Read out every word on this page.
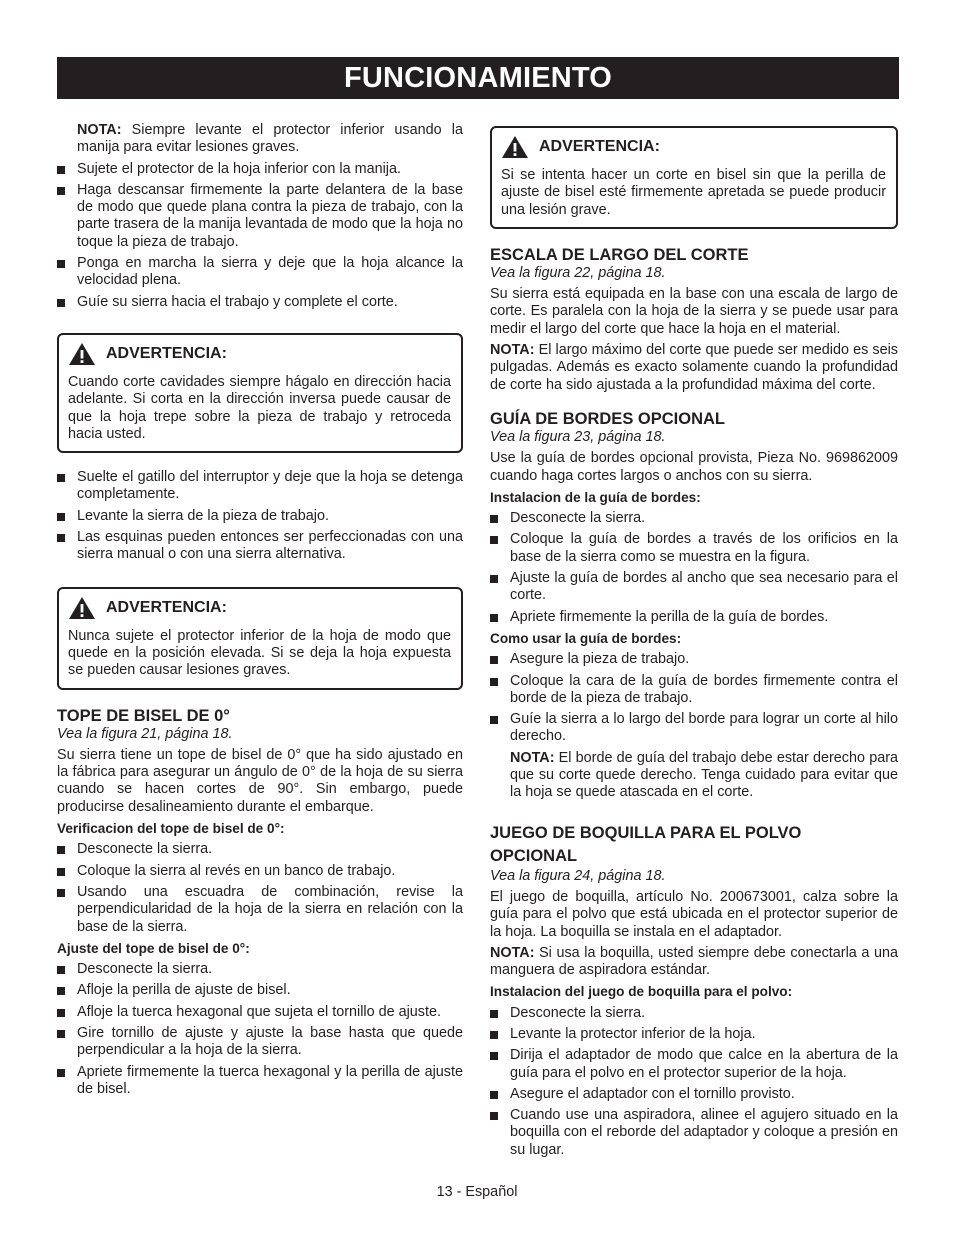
FUNCIONAMIENTO

NOTA: Siempre levante el protector inferior usando la manija para evitar lesiones graves.

Sujete el protector de la hoja inferior con la manija.
Haga descansar firmemente la parte delantera de la base de modo que quede plana contra la pieza de trabajo, con la parte trasera de la manija levantada de modo que la hoja no toque la pieza de trabajo.
Ponga en marcha la sierra y deje que la hoja alcance la velocidad plena.
Guíe su sierra hacia el trabajo y complete el corte.
ADVERTENCIA:

Cuando corte cavidades siempre hágalo en dirección hacia adelante. Si corta en la dirección inversa puede causar de que la hoja trepe sobre la pieza de trabajo y retroceda hacia usted.

Suelte el gatillo del interruptor y deje que la hoja se detenga completamente.
Levante la sierra de la pieza de trabajo.
Las esquinas pueden entonces ser perfeccionadas con una sierra manual o con una sierra alternativa.
ADVERTENCIA:

Nunca sujete el protector inferior de la hoja de modo que quede en la posición elevada. Si se deja la hoja expuesta se pueden causar lesiones graves.

TOPE DE BISEL DE 0°
Vea la figura 21, página 18.

Su sierra tiene un tope de bisel de 0° que ha sido ajustado en la fábrica para asegurar un ángulo de 0° de la hoja de su sierra cuando se hacen cortes de 90°. Sin embargo, puede producirse desalineamiento durante el embarque.

Verificacion del tope de bisel de 0°:
Desconecte la sierra.
Coloque la sierra al revés en un banco de trabajo.
Usando una escuadra de combinación, revise la perpendicularidad de la hoja de la sierra en relación con la base de la sierra.
Ajuste del tope de bisel de 0°:
Desconecte la sierra.
Afloje la perilla de ajuste de bisel.
Afloje la tuerca hexagonal que sujeta el tornillo de ajuste.
Gire tornillo de ajuste y ajuste la base hasta que quede perpendicular a la hoja de la sierra.
Apriete firmemente la tuerca hexagonal y la perilla de ajuste de bisel.
ADVERTENCIA:

Si se intenta hacer un corte en bisel sin que la perilla de ajuste de bisel esté firmemente apretada se puede producir una lesión grave.

ESCALA DE LARGO DEL CORTE
Vea la figura 22, página 18.

Su sierra está equipada en la base con una escala de largo de corte. Es paralela con la hoja de la sierra y se puede usar para medir el largo del corte que hace la hoja en el material.

NOTA: El largo máximo del corte que puede ser medido es seis pulgadas. Además es exacto solamente cuando la profundidad de corte ha sido ajustada a la profundidad máxima del corte.

GUÍA DE BORDES OPCIONAL
Vea la figura 23, página 18.

Use la guía de bordes opcional provista, Pieza No. 969862009 cuando haga cortes largos o anchos con su sierra.

Instalacion de la guía de bordes:
Desconecte la sierra.
Coloque la guía de bordes a través de los orificios en la base de la sierra como se muestra en la figura.
Ajuste la guía de bordes al ancho que sea necesario para el corte.
Apriete firmemente la perilla de la guía de bordes.
Como usar la guía de bordes:
Asegure la pieza de trabajo.
Coloque la cara de la guía de bordes firmemente contra el borde de la pieza de trabajo.
Guíe la sierra a lo largo del borde para lograr un corte al hilo derecho.

NOTA: El borde de guía del trabajo debe estar derecho para que su corte quede derecho. Tenga cuidado para evitar que la hoja se quede atascada en el corte.

JUEGO DE BOQUILLA PARA EL POLVO OPCIONAL
Vea la figura 24, página 18.

El juego de boquilla, artículo No. 200673001, calza sobre la guía para el polvo que está ubicada en el protector superior de la hoja. La boquilla se instala en el adaptador.

NOTA: Si usa la boquilla, usted siempre debe conectarla a una manguera de aspiradora estándar.

Instalacion del juego de boquilla para el polvo:
Desconecte la sierra.
Levante la protector inferior de la hoja.
Dirija el adaptador de modo que calce en la abertura de la guía para el polvo en el protector superior de la hoja.
Asegure el adaptador con el tornillo provisto.
Cuando use una aspiradora, alinee el agujero situado en la boquilla con el reborde del adaptador y coloque a presión en su lugar.
13 - Español
